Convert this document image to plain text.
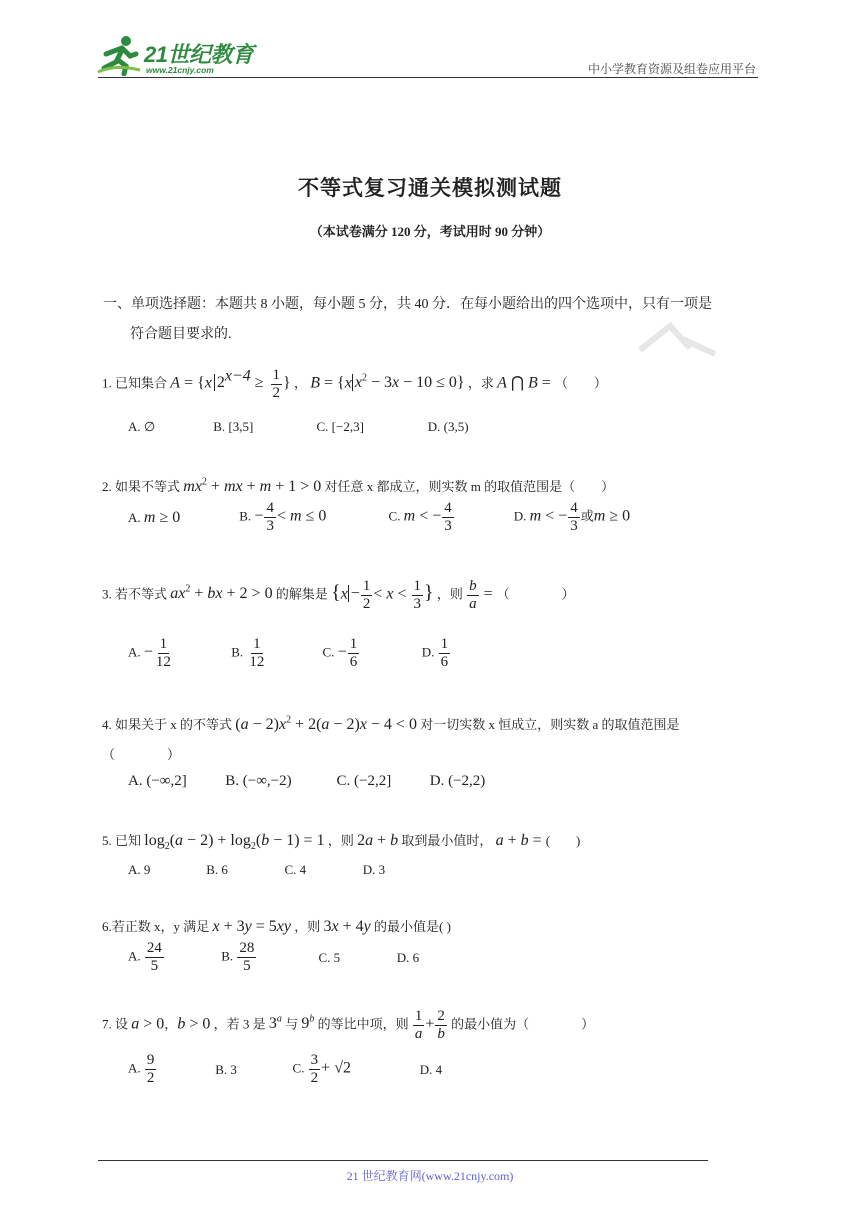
21世纪教育
www.21cnjy.com	中小学教育资源及组卷应用平台
不等式复习通关模拟测试题
（本试卷满分 120 分，考试用时 90 分钟）
一、单项选择题：本题共 8 小题，每小题 5 分，共 40 分．在每小题给出的四个选项中，只有一项是
符合题目要求的.
1. 已知集合 A = {x $2^{x-4} \ge \frac{1}{2}$ } ， B = {x $x^2 - 3x - 10 \le 0$} ，求 A ⋂ B = （　　）
A. ∅	B. [3,5]	C. [−2,3]	D. (3,5)
2. 如果不等式 $mx^2$ + mx + m + 1 > 0 对任意 x 都成立，则实数 m 的取值范围是（　　）
A. m ≥ 0	B. − $\frac{4}{3} < m \le 0$	C. m < − $\frac{4}{3}$	D. m < − $\frac{4}{3}$ 或m ≥ 0
3. 若不等式 $ax^2$ + bx + 2 > 0 的解集是 {$x - \frac{1}{2} < x < \frac{1}{3}$ } ，则 $\frac{b}{a}$ = （　　　　）
A. − $\frac{1}{12}$	B. $\frac{1}{12}$	C. − $\frac{1}{6}$	D. $\frac{1}{6}$
4. 如果关于 x 的不等式 $(a - 2)x^2 + 2(a - 2)x - 4 < 0$ 对一切实数 x 恒成立，则实数 a 的取值范围是
（　　　　）
A. (−∞,2]	B. (−∞,−2)	C. (−2,2]	D. (−2,2)
5. 已知 $\log_2(a - 2) + \log_2(b - 1) = 1$ ，则 2a + b 取到最小值时， a + b = (　　)
A. 9	B. 6	C. 4	D. 3
6.若正数 x，y 满足 x + 3y = 5xy ，则 3x + 4y 的最小值是( )
A. $\frac{24}{5}$	B. $\frac{28}{5}$	C. 5	D. 6
7. 设 a > 0，b > 0 ，若 3 是 3$^a$ 与 9$^b$ 的等比中项，则 $\frac{1}{a} + \frac{2}{b}$ 的最小值为（　　　　）
A. $\frac{9}{2}$	B. 3	C. $\frac{3}{2} + √2$	D. 4
21 世纪教育网(www.21cnjy.com)
